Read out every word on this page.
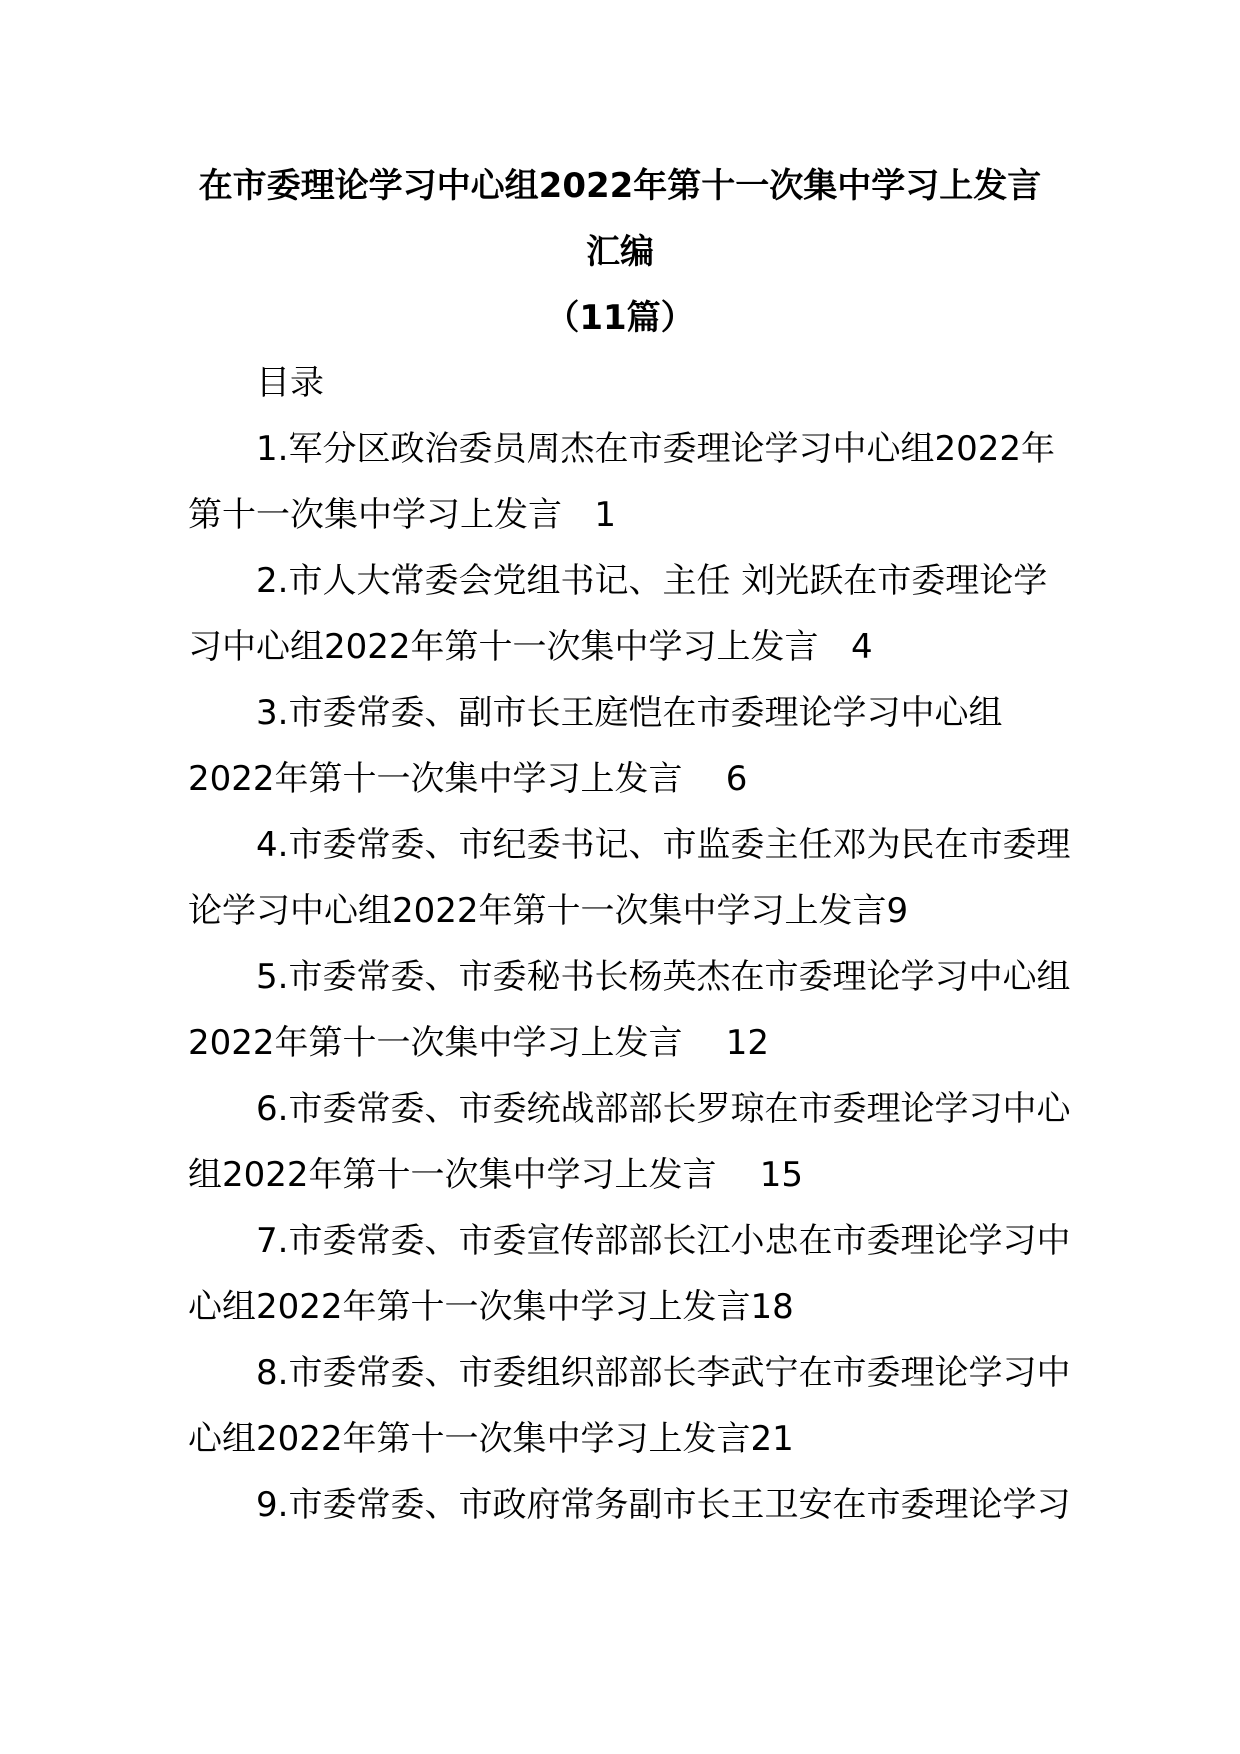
在市委理论学习中心组2022年第十一次集中学习上发言
汇编
（11篇）
目录
1.军分区政治委员周杰在市委理论学习中心组2022年
第十一次集中学习上发言   1
2.市人大常委会党组书记、主任 刘光跃在市委理论学
习中心组2022年第十一次集中学习上发言   4
3.市委常委、副市长王庭恺在市委理论学习中心组
2022年第十一次集中学习上发言    6
4.市委常委、市纪委书记、市监委主任邓为民在市委理
论学习中心组2022年第十一次集中学习上发言9
5.市委常委、市委秘书长杨英杰在市委理论学习中心组
2022年第十一次集中学习上发言    12
6.市委常委、市委统战部部长罗琼在市委理论学习中心
组2022年第十一次集中学习上发言    15
7.市委常委、市委宣传部部长江小忠在市委理论学习中
心组2022年第十一次集中学习上发言18
8.市委常委、市委组织部部长李武宁在市委理论学习中
心组2022年第十一次集中学习上发言21
9.市委常委、市政府常务副市长王卫安在市委理论学习
